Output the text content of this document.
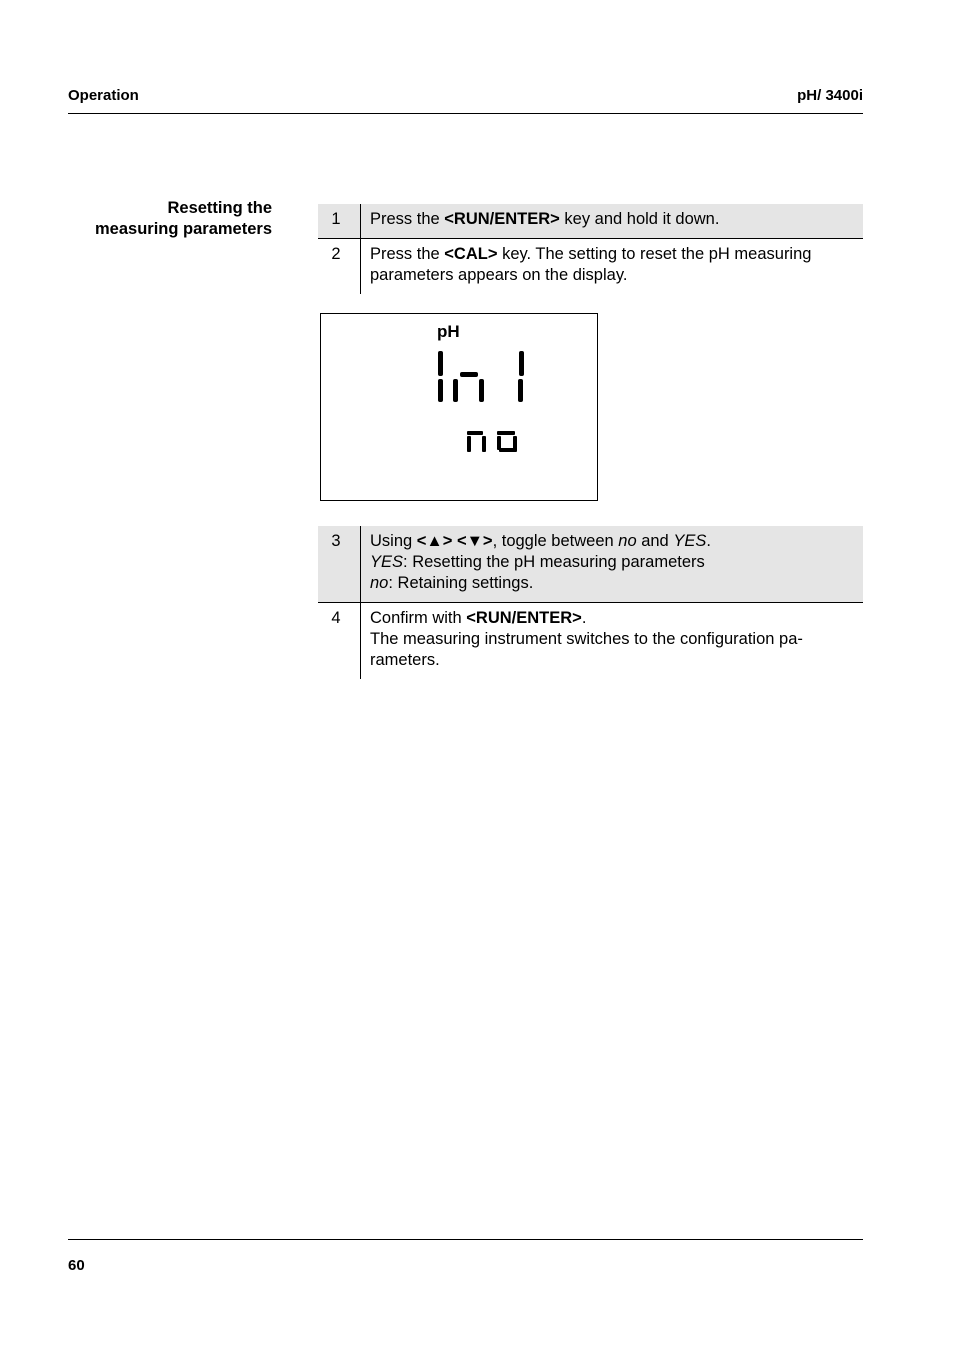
Operation	pH/ 3400i
Resetting the
measuring parameters
1	Press the <RUN/ENTER> key and hold it down.
2	Press the <CAL> key. The setting to reset the pH measuring
parameters appears on the display.
pH
3	Using <▲> <▼>, toggle between no and YES.
YES: Resetting the pH measuring parameters
no: Retaining settings.
4	Confirm with <RUN/ENTER>.
The measuring instrument switches to the configuration pa-
rameters.
60
